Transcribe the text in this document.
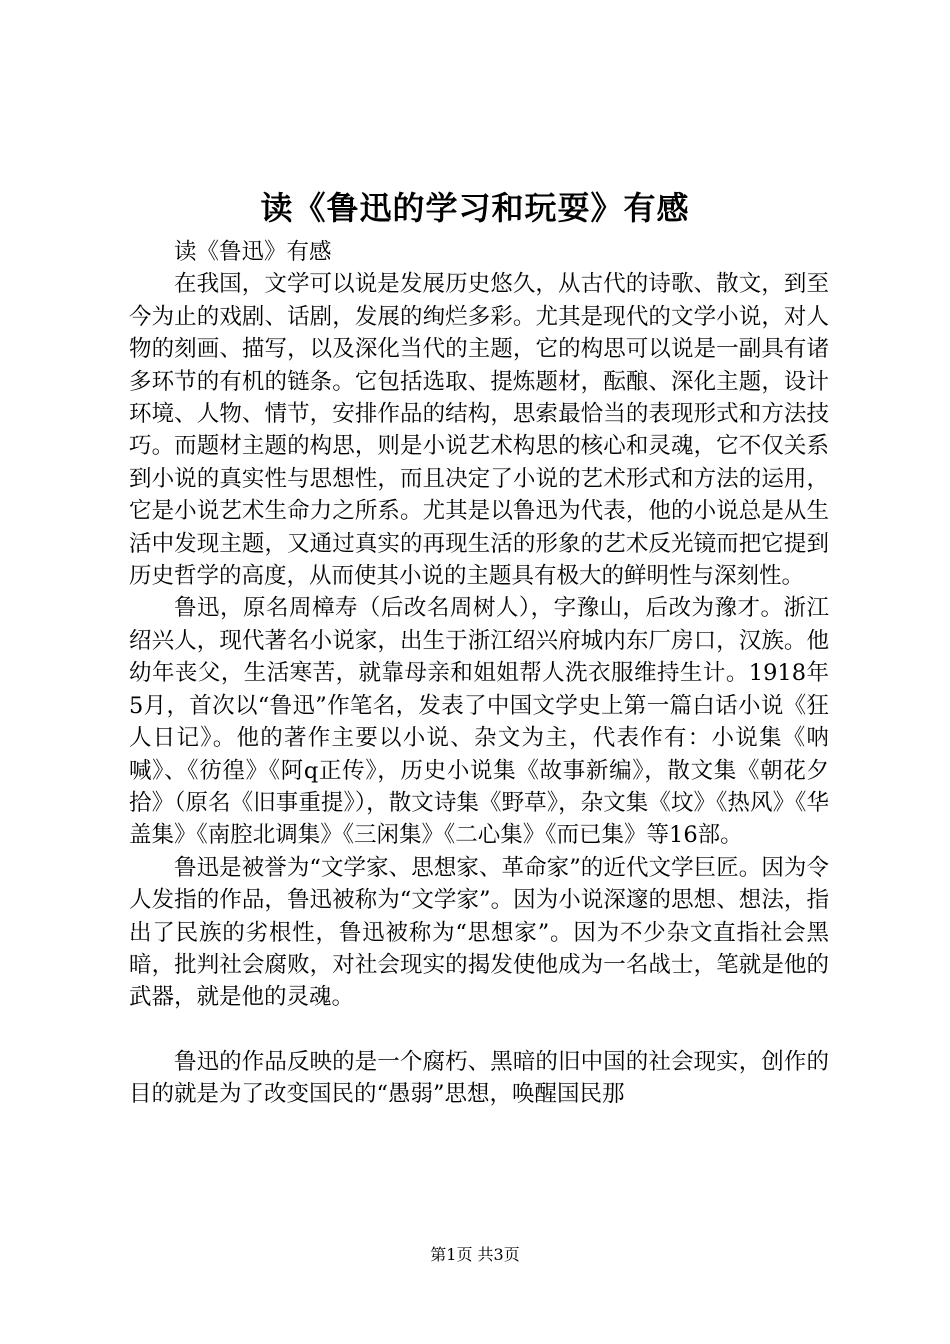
读《鲁迅的学习和玩耍》有感

读《鲁迅》有感

在我国，文学可以说是发展历史悠久，从古代的诗歌、散文，到至今为止的戏剧、话剧，发展的绚烂多彩。尤其是现代的文学小说，对人物的刻画、描写，以及深化当代的主题，它的构思可以说是一副具有诸多环节的有机的链条。它包括选取、提炼题材，酝酿、深化主题，设计环境、人物、情节，安排作品的结构，思索最恰当的表现形式和方法技巧。而题材主题的构思，则是小说艺术构思的核心和灵魂，它不仅关系到小说的真实性与思想性，而且决定了小说的艺术形式和方法的运用，它是小说艺术生命力之所系。尤其是以鲁迅为代表，他的小说总是从生活中发现主题，又通过真实的再现生活的形象的艺术反光镜而把它提到历史哲学的高度，从而使其小说的主题具有极大的鲜明性与深刻性。

鲁迅，原名周樟寿（后改名周树人），字豫山，后改为豫才。浙江绍兴人，现代著名小说家，出生于浙江绍兴府城内东厂房口，汉族。他幼年丧父，生活寒苦，就靠母亲和姐姐帮人洗衣服维持生计。1918年5月，首次以“鲁迅”作笔名，发表了中国文学史上第一篇白话小说《狂人日记》。他的著作主要以小说、杂文为主，代表作有：小说集《呐喊》、《彷徨》《阿q正传》，历史小说集《故事新编》，散文集《朝花夕拾》（原名《旧事重提》），散文诗集《野草》，杂文集《坟》《热风》《华盖集》《南腔北调集》《三闲集》《二心集》《而已集》等16部。

鲁迅是被誉为“文学家、思想家、革命家”的近代文学巨匠。因为令人发指的作品，鲁迅被称为“文学家”。因为小说深邃的思想、想法，指出了民族的劣根性，鲁迅被称为“思想家”。因为不少杂文直指社会黑暗，批判社会腐败，对社会现实的揭发使他成为一名战士，笔就是他的武器，就是他的灵魂。

鲁迅的作品反映的是一个腐朽、黑暗的旧中国的社会现实，创作的目的就是为了改变国民的“愚弱”思想，唤醒国民那

第1页 共3页
